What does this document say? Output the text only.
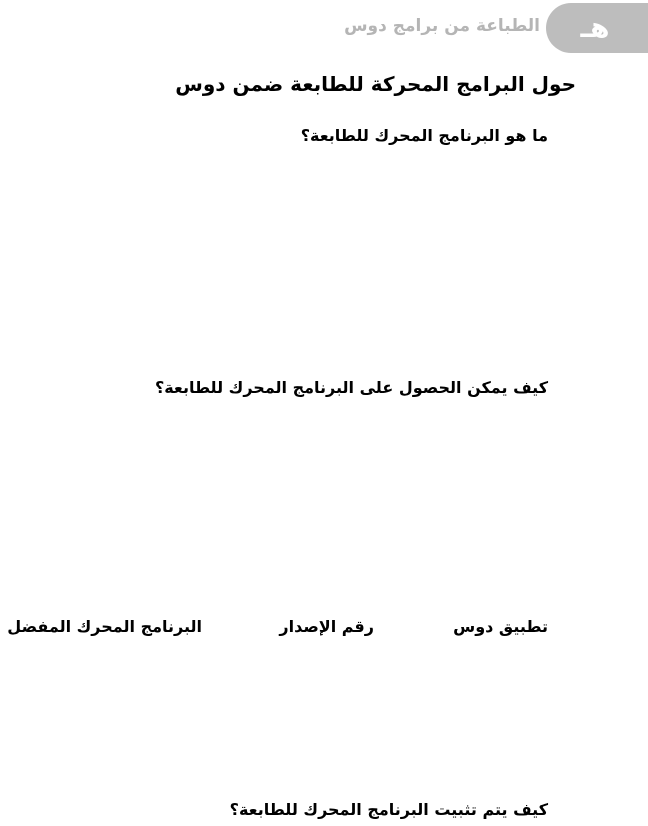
هـ
الطباعة من برامج دوس
حول البرامج المحركة للطابعة ضمن دوس
ما هو البرنامج المحرك للطابعة؟
كيف يمكن الحصول على البرنامج المحرك للطابعة؟
تطبيق دوس
رقم الإصدار
البرنامج المحرك المفضل
كيف يتم تثبيت البرنامج المحرك للطابعة؟
